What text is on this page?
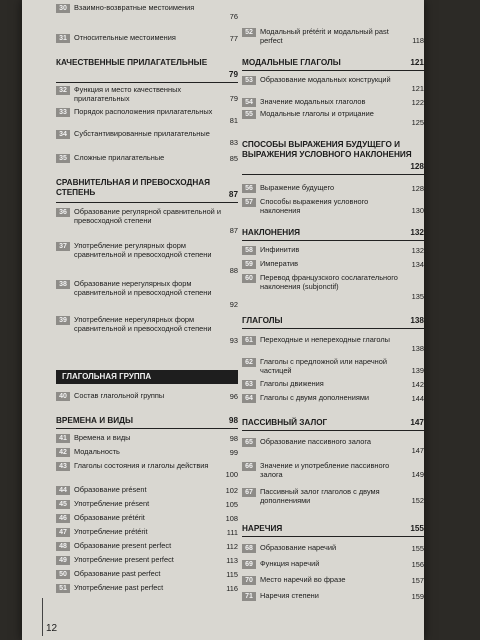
30 Взаимно-возвратные местоимения
76
31 Относительные местоимения	77
КАЧЕСТВЕННЫЕ ПРИЛАГАТЕЛЬНЫЕ
79
32 Функция и место качественных прилагательных	79
33 Порядок расположения прилагательных
81
34 Субстантивированные прилагательные
83
35 Сложные прилагательные	85
СРАВНИТЕЛЬНАЯ И ПРЕВОСХОДНАЯ СТЕПЕНЬ	87
36 Образование регулярной сравнительной и превосходной степени
87
37 Употребление регулярных форм сравнительной и превосходной степени
88
38 Образование нерегулярных форм сравнительной и превосходной степени
92
39 Употребление нерегулярных форм сравнительной и превосходной степени
93
ГЛАГОЛЬНАЯ ГРУППА
40 Состав глагольной группы	96
ВРЕМЕНА И ВИДЫ	98
41 Времена и виды	98
42 Модальность	99
43 Глаголы состояния и глаголы действия
100
44 Образование présent	102
45 Употребление présent	105
46 Образование prétérit	108
47 Употребление prétérit	111
48 Образование present perfect	112
49 Употребление present perfect	113
50 Образование past perfect	115
51 Употребление past perfect	116
52 Модальный prétérit и модальный past perfect	118
МОДАЛЬНЫЕ ГЛАГОЛЫ	121
53 Образование модальных конструкций
121
54 Значение модальных глаголов	122
55 Модальные глаголы и отрицание
125
СПОСОБЫ ВЫРАЖЕНИЯ БУДУЩЕГО И ВЫРАЖЕНИЯ УСЛОВНОГО НАКЛОНЕНИЯ
128
56 Выражение будущего	128
57 Способы выражения условного наклонения	130
НАКЛОНЕНИЯ	132
58 Инфинитив	132
59 Императив	134
60 Перевод французского сослагательного наклонения (subjonctif)
135
ГЛАГОЛЫ	138
61 Переходные и непереходные глаголы
138
62 Глаголы с предложной или наречной частицей	139
63 Глаголы движения	142
64 Глаголы с двумя дополнениями	144
ПАССИВНЫЙ ЗАЛОГ	147
65 Образование пассивного залога
147
66 Значение и употребление пассивного залога	149
67 Пассивный залог глаголов с двумя дополнениями	152
НАРЕЧИЯ	155
68 Образование наречий	155
69 Функция наречий	156
70 Место наречий во фразе	157
71 Наречия степени	159
12
